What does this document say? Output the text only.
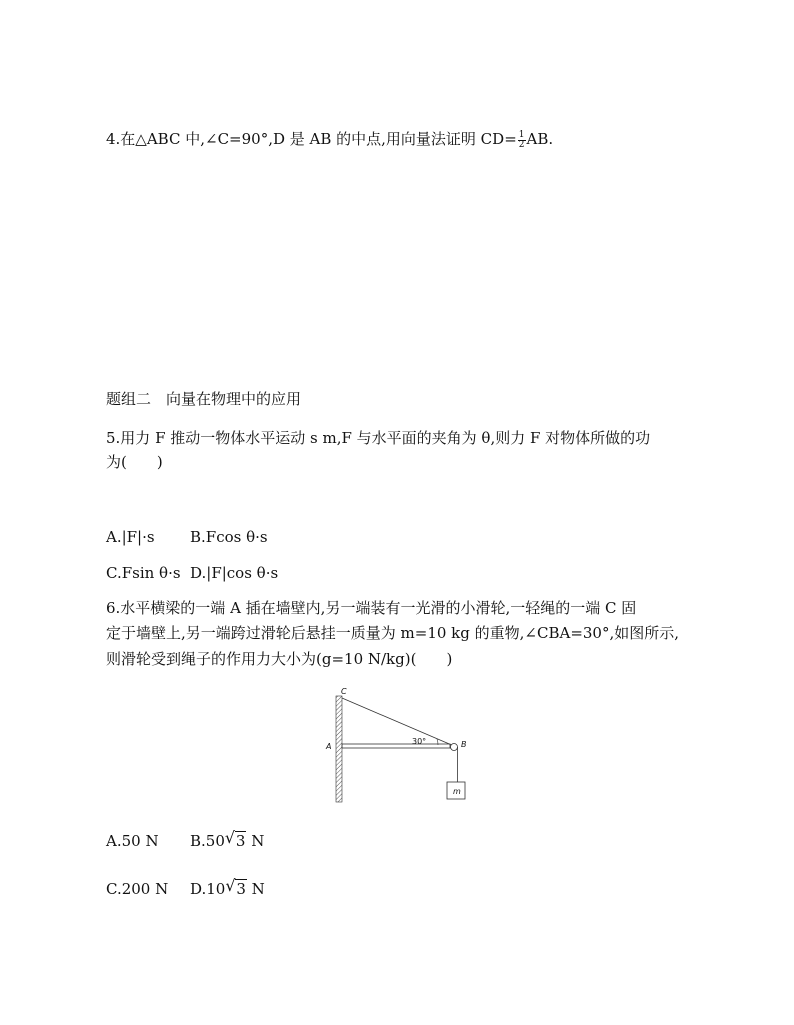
4.在△ABC 中,∠C=90°,D 是 AB 的中点,用向量法证明 $CD= \frac{1}{2}$ AB.
题组二　向量在物理中的应用
5.用力 F 推动一物体水平运动 s m,F 与水平面的夹角为 θ,则力 F 对物体所做的功
为(　　)
A.|F|·s B.Fcos θ·s
C.Fsin θ·s D.|F|cos θ·s
6.水平横梁的一端 A 插在墙壁内,另一端装有一光滑的小滑轮,一轻绳的一端 C 固
定于墙壁上,另一端跨过滑轮后悬挂一质量为 m=10 kg 的重物,∠CBA=30°,如图所示,
则滑轮受到绳子的作用力大小为(g=10 N/kg)(　　)
C
A	B
m
30°
A.50 N B.50 √ 3 N
C.200 N D.10 √ 3 N
